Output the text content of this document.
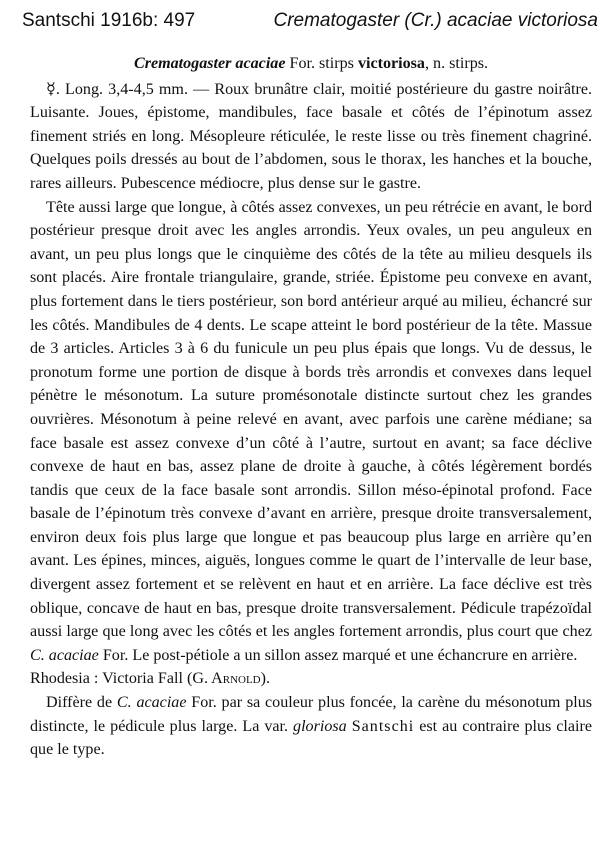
Santschi 1916b: 497	Crematogaster (Cr.) acaciae victoriosa
Crematogaster acaciae For. stirps victoriosa, n. stirps.

☿. Long. 3,4-4,5 mm. — Roux brunâtre clair, moitié postérieure du gastre noirâtre. Luisante. Joues, épistome, mandibules, face basale et côtés de l’épinotum assez finement striés en long. Mésopleure réticulée, le reste lisse ou très finement chagriné. Quelques poils dressés au bout de l’abdomen, sous le thorax, les hanches et la bouche, rares ailleurs. Pubescence médiocre, plus dense sur le gastre.

Tête aussi large que longue, à côtés assez convexes, un peu rétrécie en avant, le bord postérieur presque droit avec les angles arrondis. Yeux ovales, un peu anguleux en avant, un peu plus longs que le cinquième des côtés de la tête au milieu desquels ils sont placés. Aire frontale triangulaire, grande, striée. Épistome peu convexe en avant, plus fortement dans le tiers postérieur, son bord antérieur arqué au milieu, échancré sur les côtés. Mandibules de 4 dents. Le scape atteint le bord postérieur de la tête. Massue de 3 articles. Articles 3 à 6 du funicule un peu plus épais que longs. Vu de dessus, le pronotum forme une portion de disque à bords très arrondis et convexes dans lequel pénètre le mésonotum. La suture promésonotale distincte surtout chez les grandes ouvrières. Mésonotum à peine relevé en avant, avec parfois une carène médiane; sa face basale est assez convexe d’un côté à l’autre, surtout en avant; sa face déclive convexe de haut en bas, assez plane de droite à gauche, à côtés légèrement bordés tandis que ceux de la face basale sont arrondis. Sillon méso-épinotal profond. Face basale de l’épinotum très convexe d’avant en arrière, presque droite transversalement, environ deux fois plus large que longue et pas beaucoup plus large en arrière qu’en avant. Les épines, minces, aiguës, longues comme le quart de l’intervalle de leur base, divergent assez fortement et se relèvent en haut et en arrière. La face déclive est très oblique, concave de haut en bas, presque droite transversalement. Pédicule trapézoïdal aussi large que long avec les côtés et les angles fortement arrondis, plus court que chez C. acaciae For. Le post-pétiole a un sillon assez marqué et une échancrure en arrière.

Rhodesia : Victoria Fall (G. Arnold).

Diffère de C. acaciae For. par sa couleur plus foncée, la carène du mésonotum plus distincte, le pédicule plus large. La var. gloriosa Santschi est au contraire plus claire que le type.
